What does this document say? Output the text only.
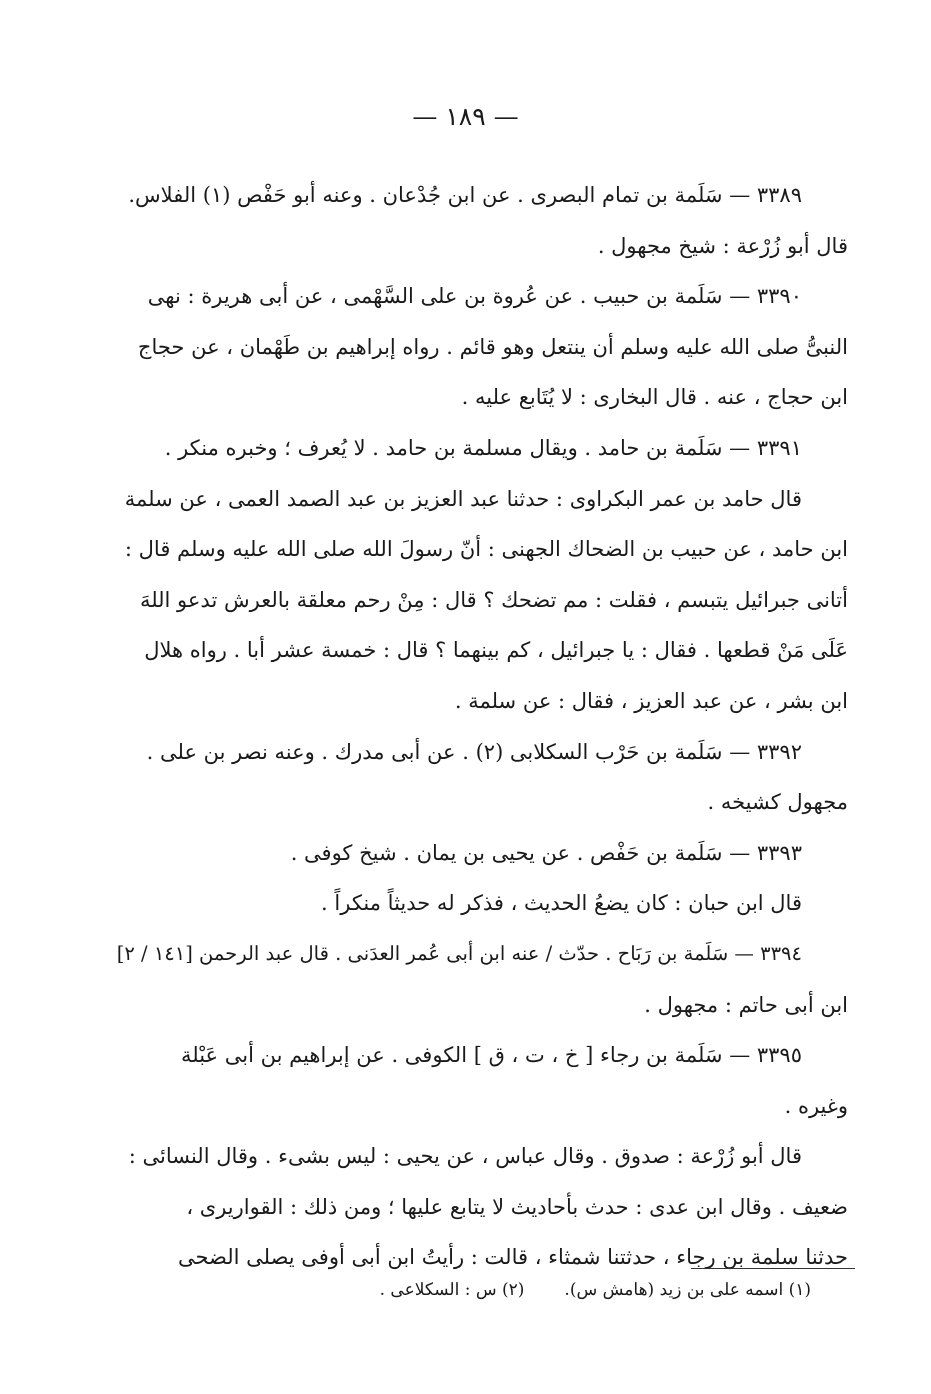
— ١٨٩ —
٣٣٨٩ — سَلَمة بن تمام البصرى . عن ابن جُدْعان . وعنه أبو حَفْص (١) الفلاس.
قال أبو زُرْعة : شيخ مجهول .
٣٣٩٠ — سَلَمة بن حبيب . عن عُروة بن على السَّهْمى ، عن أبى هريرة : نهى
النبىُّ صلى الله عليه وسلم أن ينتعل وهو قائم . رواه إبراهيم بن طَهْمان ، عن حجاج
ابن حجاج ، عنه . قال البخارى : لا يُتَابع عليه .
٣٣٩١ — سَلَمة بن حامد . ويقال مسلمة بن حامد . لا يُعرف ؛ وخبره منكر .
قال حامد بن عمر البكراوى : حدثنا عبد العزيز بن عبد الصمد العمى ، عن سلمة
ابن حامد ، عن حبيب بن الضحاك الجهنى : أنّ رسولَ الله صلى الله عليه وسلم قال :
أتانى جبرائيل يتبسم ، فقلت : مم تضحك ؟ قال : مِنْ رحم معلقة بالعرش تدعو اللهَ
عَلَى مَنْ قطعها . فقال : يا جبرائيل ، كم بينهما ؟ قال : خمسة عشر أبا . رواه هلال
ابن بشر ، عن عبد العزيز ، فقال : عن سلمة .
٣٣٩٢ — سَلَمة بن حَرْب السكلابى (٢) . عن أبى مدرك . وعنه نصر بن على .
مجهول كشيخه .
٣٣٩٣ — سَلَمة بن حَفْص . عن يحيى بن يمان . شيخ كوفى .
قال ابن حبان : كان يضعُ الحديث ، فذكر له حديثاً منكراً .
٣٣٩٤ — سَلَمة بن رَبَاح . حدّث / عنه ابن أبى عُمر العدَنى . قال عبد الرحمن [١٤١ / ٢]
ابن أبى حاتم : مجهول .
٣٣٩٥ — سَلَمة بن رجاء [ خ ، ت ، ق ] الكوفى . عن إبراهيم بن أبى عَبْلة
وغيره .
قال أبو زُرْعة : صدوق . وقال عباس ، عن يحيى : ليس بشىء . وقال النسائى :
ضعيف . وقال ابن عدى : حدث بأحاديث لا يتابع عليها ؛ ومن ذلك : القواريرى ،
حدثنا سلمة بن رجاء ، حدثتنا شمثاء ، قالت : رأيتُ ابن أبى أوفى يصلى الضحى
(١) اسمه على بن زيد (هامش س).(٢) س : السكلاعى .
